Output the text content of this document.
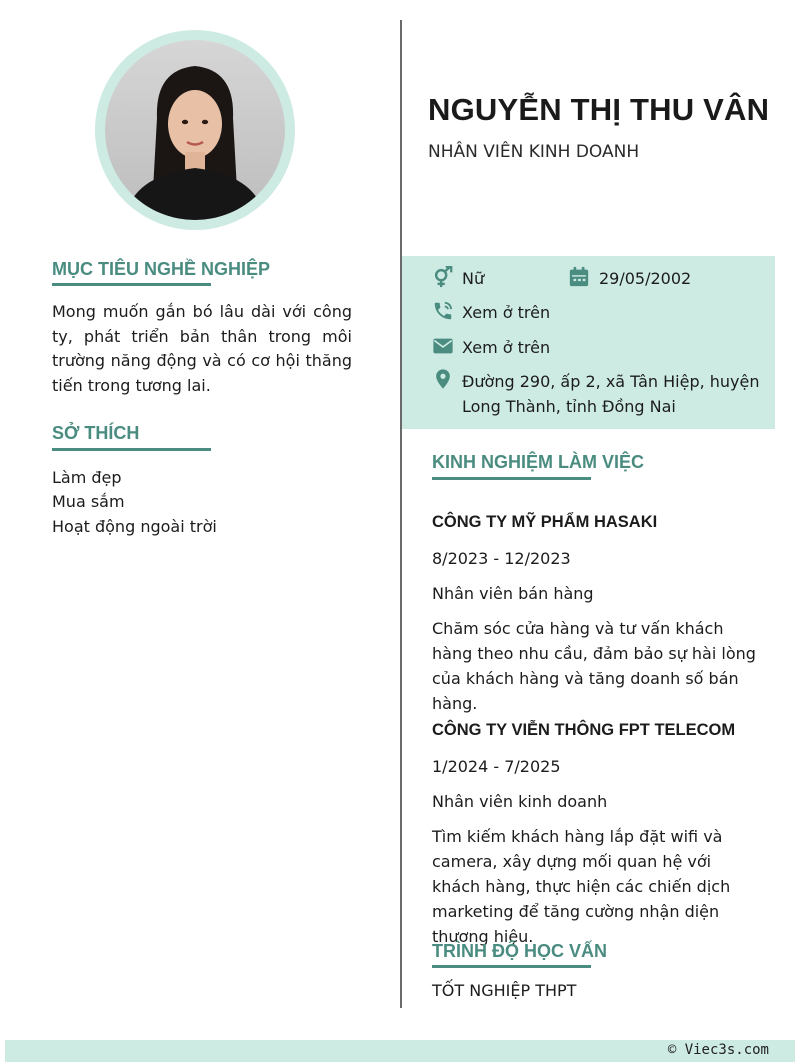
MỤC TIÊU NGHỀ NGHIỆP
Mong muốn gắn bó lâu dài với công ty, phát triển bản thân trong môi trường năng động và có cơ hội thăng tiến trong tương lai.
SỞ THÍCH
Làm đẹp
Mua sắm
Hoạt động ngoài trời
NGUYỄN THỊ THU VÂN
NHÂN VIÊN KINH DOANH
Nữ	29/05/2002
Xem ở trên
Xem ở trên
Đường 290, ấp 2, xã Tân Hiệp, huyện
Long Thành, tỉnh Đồng Nai
KINH NGHIỆM LÀM VIỆC
CÔNG TY MỸ PHẨM HASAKI
8/2023 - 12/2023
Nhân viên bán hàng
Chăm sóc cửa hàng và tư vấn khách hàng theo nhu cầu, đảm bảo sự hài lòng của khách hàng và tăng doanh số bán hàng.
CÔNG TY VIỄN THÔNG FPT TELECOM
1/2024 - 7/2025
Nhân viên kinh doanh
Tìm kiếm khách hàng lắp đặt wifi và camera, xây dựng mối quan hệ với khách hàng, thực hiện các chiến dịch marketing để tăng cường nhận diện thương hiệu.
TRÌNH ĐỘ HỌC VẤN
TỐT NGHIỆP THPT
© Viec3s.com
